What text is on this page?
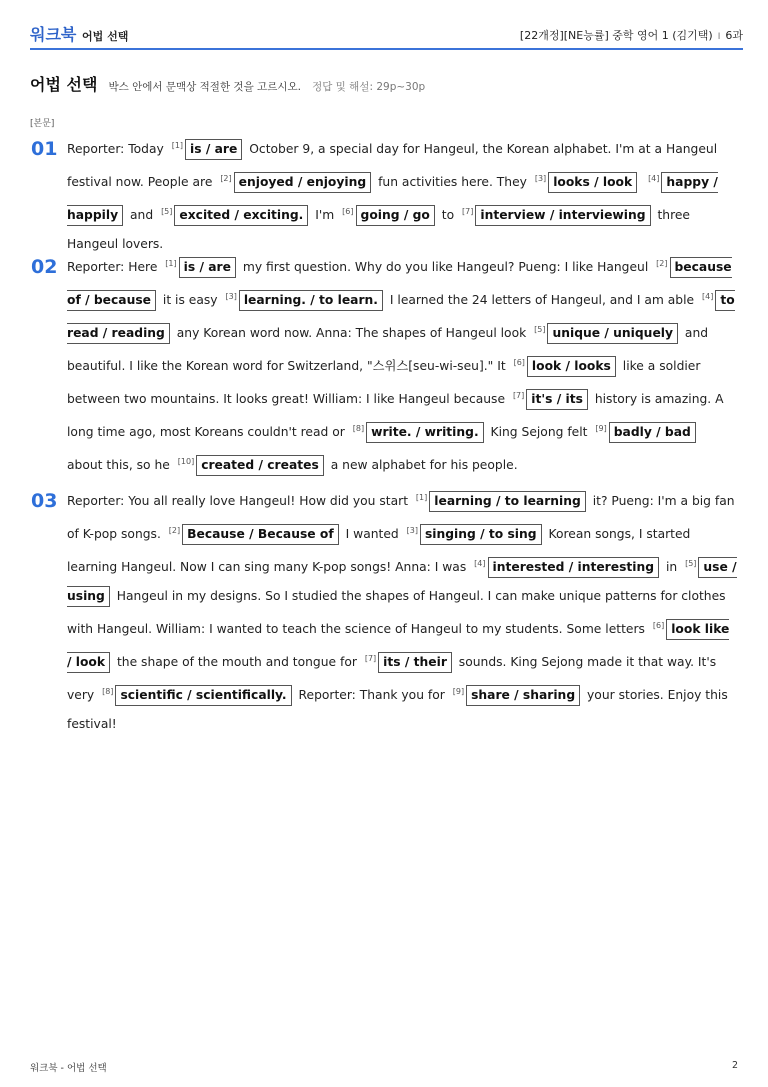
워크북 어법 선택	[22개정][NE능률] 중학 영어 1 (김기택) I 6과
어법 선택 박스 안에서 문맥상 적절한 것을 고르시오. 정답 및 해설: 29p~30p
[본문]
01 Reporter: Today [1] is / are October 9, a special day for Hangeul, the Korean alphabet. I'm at a Hangeul festival now. People are [2] enjoyed / enjoying fun activities here. They [3] looks / look [4] happy / happily and [5] excited / exciting. I'm [6] going / go to [7] interview / interviewing three Hangeul lovers.
02 Reporter: Here [1] is / are my first question. Why do you like Hangeul? Pueng: I like Hangeul [2] because of / because it is easy [3] learning. / to learn. I learned the 24 letters of Hangeul, and I am able [4] to read / reading any Korean word now. Anna: The shapes of Hangeul look [5] unique / uniquely and beautiful. I like the Korean word for Switzerland, "스위스[seu-wi-seu]." It [6] look / looks like a soldier between two mountains. It looks great! William: I like Hangeul because [7] it's / its history is amazing. A long time ago, most Koreans couldn't read or [8] write. / writing. King Sejong felt [9] badly / bad about this, so he [10] created / creates a new alphabet for his people.
03 Reporter: You all really love Hangeul! How did you start [1] learning / to learning it? Pueng: I'm a big fan of K-pop songs. [2] Because / Because of I wanted [3] singing / to sing Korean songs, I started learning Hangeul. Now I can sing many K-pop songs! Anna: I was [4] interested / interesting in [5] use / using Hangeul in my designs. So I studied the shapes of Hangeul. I can make unique patterns for clothes with Hangeul. William: I wanted to teach the science of Hangeul to my students. Some letters [6] look like / look the shape of the mouth and tongue for [7] its / their sounds. King Sejong made it that way. It's very [8] scientific / scientifically. Reporter: Thank you for [9] share / sharing your stories. Enjoy this festival!
워크북 - 어법 선택	2
